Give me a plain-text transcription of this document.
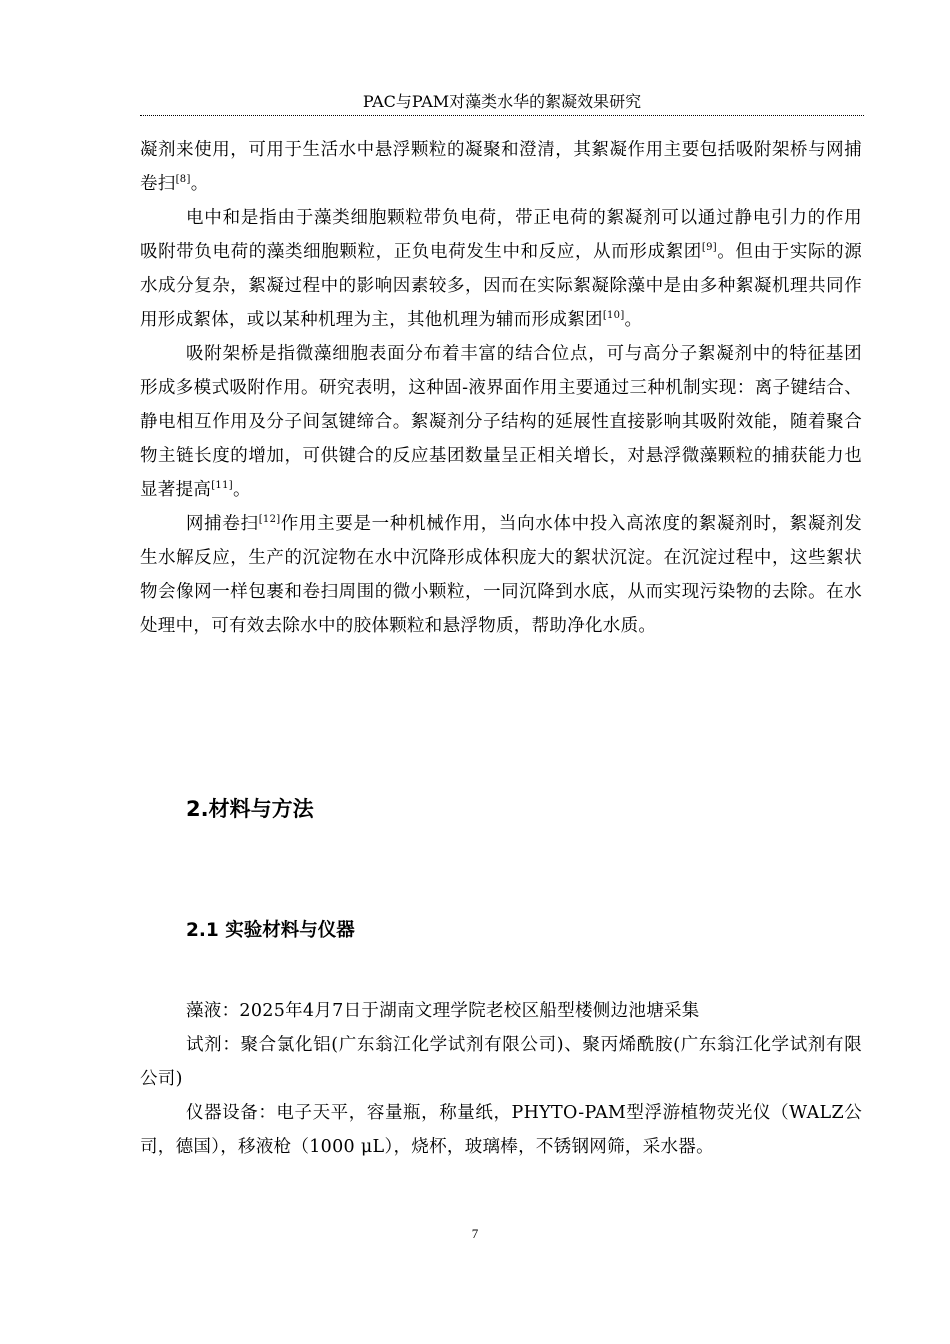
PAC与PAM对藻类水华的絮凝效果研究

凝剂来使用，可用于生活水中悬浮颗粒的凝聚和澄清，其絮凝作用主要包括吸附架桥与网捕卷扫[8]。

电中和是指由于藻类细胞颗粒带负电荷，带正电荷的絮凝剂可以通过静电引力的作用吸附带负电荷的藻类细胞颗粒，正负电荷发生中和反应，从而形成絮团[9]。但由于实际的源水成分复杂，絮凝过程中的影响因素较多，因而在实际絮凝除藻中是由多种絮凝机理共同作用形成絮体，或以某种机理为主，其他机理为辅而形成絮团[10]。

吸附架桥是指微藻细胞表面分布着丰富的结合位点，可与高分子絮凝剂中的特征基团形成多模式吸附作用。研究表明，这种固-液界面作用主要通过三种机制实现：离子键结合、静电相互作用及分子间氢键缔合。絮凝剂分子结构的延展性直接影响其吸附效能，随着聚合物主链长度的增加，可供键合的反应基团数量呈正相关增长，对悬浮微藻颗粒的捕获能力也显著提高[11]。

网捕卷扫[12]作用主要是一种机械作用，当向水体中投入高浓度的絮凝剂时，絮凝剂发生水解反应，生产的沉淀物在水中沉降形成体积庞大的絮状沉淀。在沉淀过程中，这些絮状物会像网一样包裹和卷扫周围的微小颗粒，一同沉降到水底，从而实现污染物的去除。在水处理中，可有效去除水中的胶体颗粒和悬浮物质，帮助净化水质。

2.材料与方法
2.1 实验材料与仪器

藻液：2025年4月7日于湖南文理学院老校区船型楼侧边池塘采集

试剂：聚合氯化铝(广东翁江化学试剂有限公司)、聚丙烯酰胺(广东翁江化学试剂有限公司)

仪器设备：电子天平，容量瓶，称量纸，PHYTO-PAM型浮游植物荧光仪（WALZ公司，德国），移液枪（1000 μL），烧杯，玻璃棒，不锈钢网筛，采水器。

7
